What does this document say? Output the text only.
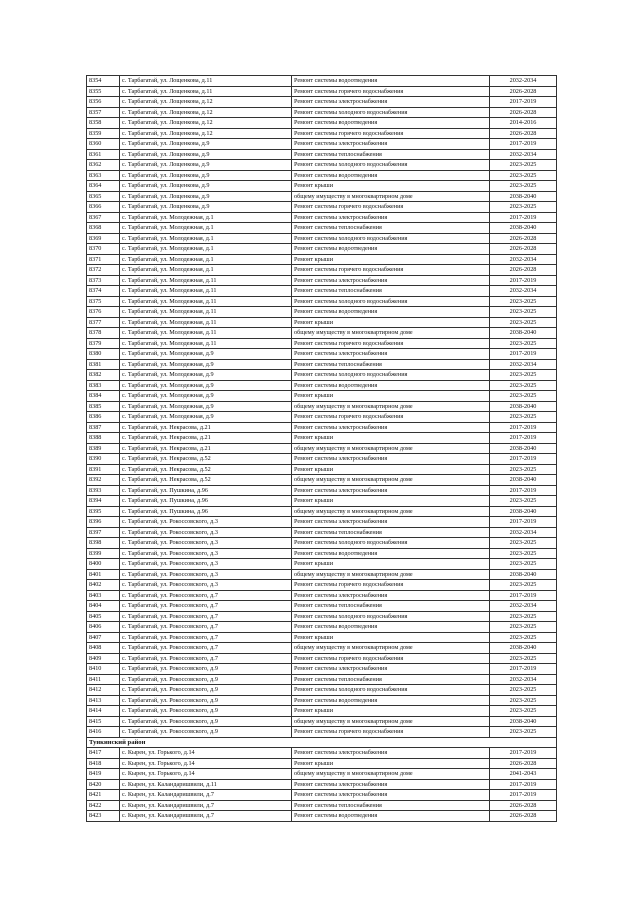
8354	с. Тарбагатай, ул. Лощенкова, д.11	Ремонт системы водоотведения	2032-2034
8355	с. Тарбагатай, ул. Лощенкова, д.11	Ремонт системы горячего водоснабжения	2026-2028
8356	с. Тарбагатай, ул. Лощенкова, д.12	Ремонт системы электроснабжения	2017-2019
8357	с. Тарбагатай, ул. Лощенкова, д.12	Ремонт системы холодного водоснабжения	2026-2028
8358	с. Тарбагатай, ул. Лощенкова, д.12	Ремонт системы водоотведения	2014-2016
8359	с. Тарбагатай, ул. Лощенкова, д.12	Ремонт системы горячего водоснабжения	2026-2028
8360	с. Тарбагатай, ул. Лощенкова, д.9	Ремонт системы электроснабжения	2017-2019
8361	с. Тарбагатай, ул. Лощенкова, д.9	Ремонт системы теплоснабжения	2032-2034
8362	с. Тарбагатай, ул. Лощенкова, д.9	Ремонт системы холодного водоснабжения	2023-2025
8363	с. Тарбагатай, ул. Лощенкова, д.9	Ремонт системы водоотведения	2023-2025
8364	с. Тарбагатай, ул. Лощенкова, д.9	Ремонт крыши	2023-2025
8365	с. Тарбагатай, ул. Лощенкова, д.9	общему имуществу в многоквартирном доме	2038-2040
8366	с. Тарбагатай, ул. Лощенкова, д.9	Ремонт системы горячего водоснабжения	2023-2025
8367	с. Тарбагатай, ул. Молодежная, д.1	Ремонт системы электроснабжения	2017-2019
8368	с. Тарбагатай, ул. Молодежная, д.1	Ремонт системы теплоснабжения	2038-2040
8369	с. Тарбагатай, ул. Молодежная, д.1	Ремонт системы холодного водоснабжения	2026-2028
8370	с. Тарбагатай, ул. Молодежная, д.1	Ремонт системы водоотведения	2026-2028
8371	с. Тарбагатай, ул. Молодежная, д.1	Ремонт крыши	2032-2034
8372	с. Тарбагатай, ул. Молодежная, д.1	Ремонт системы горячего водоснабжения	2026-2028
8373	с. Тарбагатай, ул. Молодежная, д.11	Ремонт системы электроснабжения	2017-2019
8374	с. Тарбагатай, ул. Молодежная, д.11	Ремонт системы теплоснабжения	2032-2034
8375	с. Тарбагатай, ул. Молодежная, д.11	Ремонт системы холодного водоснабжения	2023-2025
8376	с. Тарбагатай, ул. Молодежная, д.11	Ремонт системы водоотведения	2023-2025
8377	с. Тарбагатай, ул. Молодежная, д.11	Ремонт крыши	2023-2025
8378	с. Тарбагатай, ул. Молодежная, д.11	общему имуществу в многоквартирном доме	2038-2040
8379	с. Тарбагатай, ул. Молодежная, д.11	Ремонт системы горячего водоснабжения	2023-2025
8380	с. Тарбагатай, ул. Молодежная, д.9	Ремонт системы электроснабжения	2017-2019
8381	с. Тарбагатай, ул. Молодежная, д.9	Ремонт системы теплоснабжения	2032-2034
8382	с. Тарбагатай, ул. Молодежная, д.9	Ремонт системы холодного водоснабжения	2023-2025
8383	с. Тарбагатай, ул. Молодежная, д.9	Ремонт системы водоотведения	2023-2025
8384	с. Тарбагатай, ул. Молодежная, д.9	Ремонт крыши	2023-2025
8385	с. Тарбагатай, ул. Молодежная, д.9	общему имуществу в многоквартирном доме	2038-2040
8386	с. Тарбагатай, ул. Молодежная, д.9	Ремонт системы горячего водоснабжения	2023-2025
8387	с. Тарбагатай, ул. Некрасова, д.21	Ремонт системы электроснабжения	2017-2019
8388	с. Тарбагатай, ул. Некрасова, д.21	Ремонт крыши	2017-2019
8389	с. Тарбагатай, ул. Некрасова, д.21	общему имуществу в многоквартирном доме	2038-2040
8390	с. Тарбагатай, ул. Некрасова, д.52	Ремонт системы электроснабжения	2017-2019
8391	с. Тарбагатай, ул. Некрасова, д.52	Ремонт крыши	2023-2025
8392	с. Тарбагатай, ул. Некрасова, д.52	общему имуществу в многоквартирном доме	2038-2040
8393	с. Тарбагатай, ул. Пушкина, д.96	Ремонт системы электроснабжения	2017-2019
8394	с. Тарбагатай, ул. Пушкина, д.96	Ремонт крыши	2023-2025
8395	с. Тарбагатай, ул. Пушкина, д.96	общему имуществу в многоквартирном доме	2038-2040
8396	с. Тарбагатай, ул. Рокоссовского, д.3	Ремонт системы электроснабжения	2017-2019
8397	с. Тарбагатай, ул. Рокоссовского, д.3	Ремонт системы теплоснабжения	2032-2034
8398	с. Тарбагатай, ул. Рокоссовского, д.3	Ремонт системы холодного водоснабжения	2023-2025
8399	с. Тарбагатай, ул. Рокоссовского, д.3	Ремонт системы водоотведения	2023-2025
8400	с. Тарбагатай, ул. Рокоссовского, д.3	Ремонт крыши	2023-2025
8401	с. Тарбагатай, ул. Рокоссовского, д.3	общему имуществу в многоквартирном доме	2038-2040
8402	с. Тарбагатай, ул. Рокоссовского, д.3	Ремонт системы горячего водоснабжения	2023-2025
8403	с. Тарбагатай, ул. Рокоссовского, д.7	Ремонт системы электроснабжения	2017-2019
8404	с. Тарбагатай, ул. Рокоссовского, д.7	Ремонт системы теплоснабжения	2032-2034
8405	с. Тарбагатай, ул. Рокоссовского, д.7	Ремонт системы холодного водоснабжения	2023-2025
8406	с. Тарбагатай, ул. Рокоссовского, д.7	Ремонт системы водоотведения	2023-2025
8407	с. Тарбагатай, ул. Рокоссовского, д.7	Ремонт крыши	2023-2025
8408	с. Тарбагатай, ул. Рокоссовского, д.7	общему имуществу в многоквартирном доме	2038-2040
8409	с. Тарбагатай, ул. Рокоссовского, д.7	Ремонт системы горячего водоснабжения	2023-2025
8410	с. Тарбагатай, ул. Рокоссовского, д.9	Ремонт системы электроснабжения	2017-2019
8411	с. Тарбагатай, ул. Рокоссовского, д.9	Ремонт системы теплоснабжения	2032-2034
8412	с. Тарбагатай, ул. Рокоссовского, д.9	Ремонт системы холодного водоснабжения	2023-2025
8413	с. Тарбагатай, ул. Рокоссовского, д.9	Ремонт системы водоотведения	2023-2025
8414	с. Тарбагатай, ул. Рокоссовского, д.9	Ремонт крыши	2023-2025
8415	с. Тарбагатай, ул. Рокоссовского, д.9	общему имуществу в многоквартирном доме	2038-2040
8416	с. Тарбагатай, ул. Рокоссовского, д.9	Ремонт системы горячего водоснабжения	2023-2025
Тункинский район			
8417	с. Кырен, ул. Горького, д.14	Ремонт системы электроснабжения	2017-2019
8418	с. Кырен, ул. Горького, д.14	Ремонт крыши	2026-2028
8419	с. Кырен, ул. Горького, д.14	общему имуществу в многоквартирном доме	2041-2043
8420	с. Кырен, ул. Каландаришвили, д.11	Ремонт системы электроснабжения	2017-2019
8421	с. Кырен, ул. Каландаришвили, д.7	Ремонт системы электроснабжения	2017-2019
8422	с. Кырен, ул. Каландаришвили, д.7	Ремонт системы теплоснабжения	2026-2028
8423	с. Кырен, ул. Каландаришвили, д.7	Ремонт системы водоотведения	2026-2028
